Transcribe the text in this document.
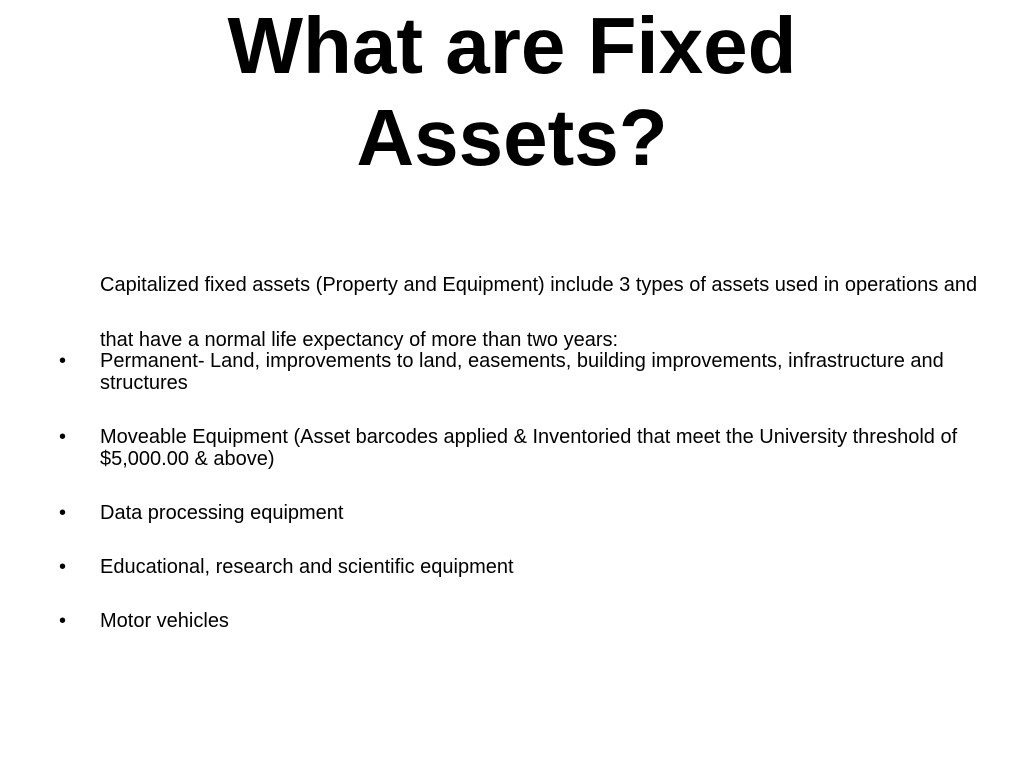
What are Fixed
Assets?

Capitalized fixed assets (Property and Equipment) include 3 types of assets used in operations and that have a normal life expectancy of more than two years:

• Permanent- Land, improvements to land, easements, building improvements, infrastructure and structures
• Moveable Equipment (Asset barcodes applied & Inventoried that meet the University threshold of $5,000.00 & above)
• Data processing equipment
• Educational, research and scientific equipment
• Motor vehicles
